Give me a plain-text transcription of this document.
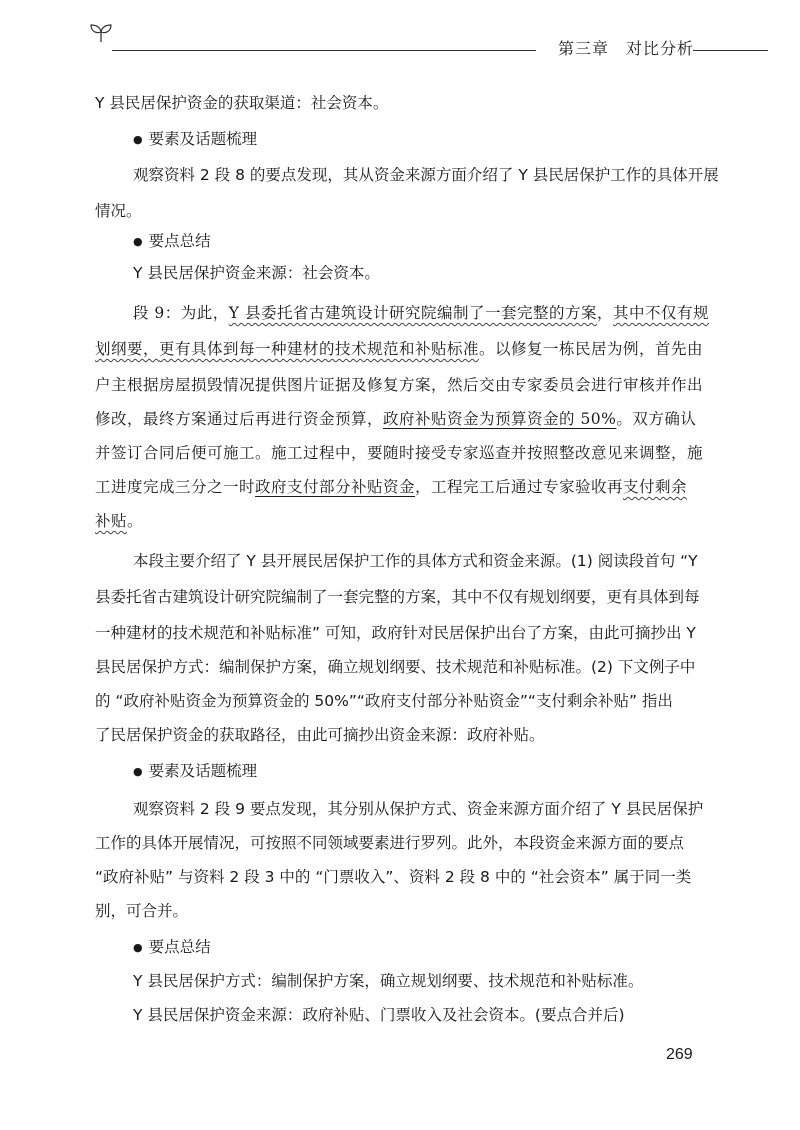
第三章　对比分析
Y 县民居保护资金的获取渠道：社会资本。
● 要素及话题梳理
观察资料 2 段 8 的要点发现，其从资金来源方面介绍了 Y 县民居保护工作的具体开展
情况。
● 要点总结
Y 县民居保护资金来源：社会资本。
段 9：为此，Y 县委托省古建筑设计研究院编制了一套完整的方案，其中不仅有规
划纲要，更有具体到每一种建材的技术规范和补贴标准。以修复一栋民居为例，首先由
户主根据房屋损毁情况提供图片证据及修复方案，然后交由专家委员会进行审核并作出
修改，最终方案通过后再进行资金预算，政府补贴资金为预算资金的 50%。双方确认
并签订合同后便可施工。施工过程中，要随时接受专家巡查并按照整改意见来调整，施
工进度完成三分之一时政府支付部分补贴资金，工程完工后通过专家验收再支付剩余
补贴。
本段主要介绍了 Y 县开展民居保护工作的具体方式和资金来源。(1) 阅读段首句 “Y
县委托省古建筑设计研究院编制了一套完整的方案，其中不仅有规划纲要，更有具体到每
一种建材的技术规范和补贴标准” 可知，政府针对民居保护出台了方案，由此可摘抄出 Y
县民居保护方式：编制保护方案，确立规划纲要、技术规范和补贴标准。(2) 下文例子中
的 “政府补贴资金为预算资金的 50%”“政府支付部分补贴资金”“支付剩余补贴” 指出
了民居保护资金的获取路径，由此可摘抄出资金来源：政府补贴。
● 要素及话题梳理
观察资料 2 段 9 要点发现，其分别从保护方式、资金来源方面介绍了 Y 县民居保护
工作的具体开展情况，可按照不同领域要素进行罗列。此外，本段资金来源方面的要点
“政府补贴” 与资料 2 段 3 中的 “门票收入”、资料 2 段 8 中的 “社会资本” 属于同一类
别，可合并。
● 要点总结
Y 县民居保护方式：编制保护方案，确立规划纲要、技术规范和补贴标准。
Y 县民居保护资金来源：政府补贴、门票收入及社会资本。(要点合并后)
269
